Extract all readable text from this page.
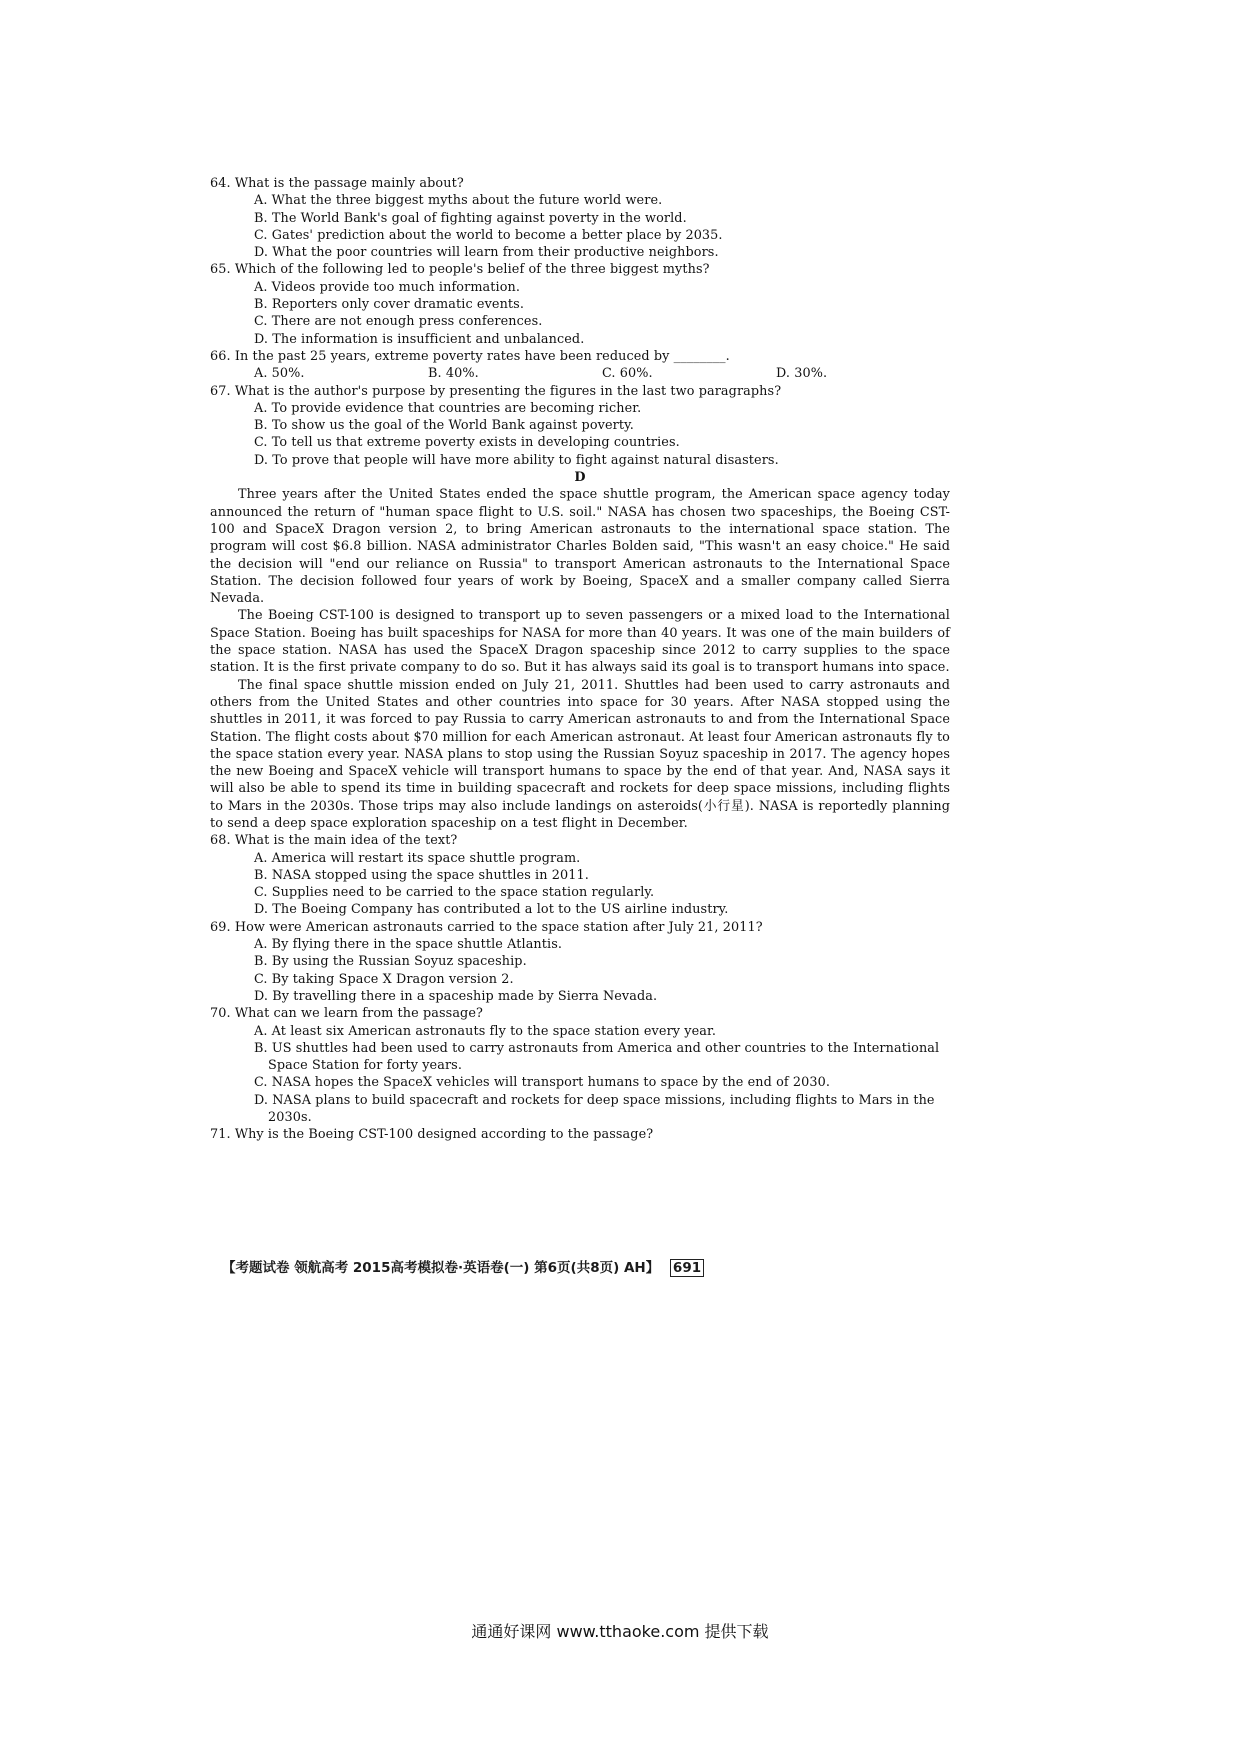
64. What is the passage mainly about?

A. What the three biggest myths about the future world were.

B. The World Bank's goal of fighting against poverty in the world.

C. Gates' prediction about the world to become a better place by 2035.

D. What the poor countries will learn from their productive neighbors.

65. Which of the following led to people's belief of the three biggest myths?

A. Videos provide too much information.

B. Reporters only cover dramatic events.

C. There are not enough press conferences.

D. The information is insufficient and unbalanced.

66. In the past 25 years, extreme poverty rates have been reduced by ________.

A. 50%.	B. 40%.	C. 60%.	D. 30%.

67. What is the author's purpose by presenting the figures in the last two paragraphs?

A. To provide evidence that countries are becoming richer.

B. To show us the goal of the World Bank against poverty.

C. To tell us that extreme poverty exists in developing countries.

D. To prove that people will have more ability to fight against natural disasters.

D

Three years after the United States ended the space shuttle program, the American space agency today announced the return of "human space flight to U.S. soil." NASA has chosen two spaceships, the Boeing CST-100 and SpaceX Dragon version 2, to bring American astronauts to the international space station. The program will cost $6.8 billion. NASA administrator Charles Bolden said, "This wasn't an easy choice." He said the decision will "end our reliance on Russia" to transport American astronauts to the International Space Station. The decision followed four years of work by Boeing, SpaceX and a smaller company called Sierra Nevada.

The Boeing CST-100 is designed to transport up to seven passengers or a mixed load to the International Space Station. Boeing has built spaceships for NASA for more than 40 years. It was one of the main builders of the space station. NASA has used the SpaceX Dragon spaceship since 2012 to carry supplies to the space station. It is the first private company to do so. But it has always said its goal is to transport humans into space.

The final space shuttle mission ended on July 21, 2011. Shuttles had been used to carry astronauts and others from the United States and other countries into space for 30 years. After NASA stopped using the shuttles in 2011, it was forced to pay Russia to carry American astronauts to and from the International Space Station. The flight costs about $70 million for each American astronaut. At least four American astronauts fly to the space station every year. NASA plans to stop using the Russian Soyuz spaceship in 2017. The agency hopes the new Boeing and SpaceX vehicle will transport humans to space by the end of that year. And, NASA says it will also be able to spend its time in building spacecraft and rockets for deep space missions, including flights to Mars in the 2030s. Those trips may also include landings on asteroids(小行星). NASA is reportedly planning to send a deep space exploration spaceship on a test flight in December.

68. What is the main idea of the text?

A. America will restart its space shuttle program.

B. NASA stopped using the space shuttles in 2011.

C. Supplies need to be carried to the space station regularly.

D. The Boeing Company has contributed a lot to the US airline industry.

69. How were American astronauts carried to the space station after July 21, 2011?

A. By flying there in the space shuttle Atlantis.

B. By using the Russian Soyuz spaceship.

C. By taking Space X Dragon version 2.

D. By travelling there in a spaceship made by Sierra Nevada.

70. What can we learn from the passage?

A. At least six American astronauts fly to the space station every year.

B. US shuttles had been used to carry astronauts from America and other countries to the International Space Station for forty years.

C. NASA hopes the SpaceX vehicles will transport humans to space by the end of 2030.

D. NASA plans to build spacecraft and rockets for deep space missions, including flights to Mars in the 2030s.

71. Why is the Boeing CST-100 designed according to the passage?

【考题试卷 领航高考 2015高考模拟卷·英语卷(一) 第6页(共8页) AH】 691
通通好课网 www.tthaoke.com 提供下载
